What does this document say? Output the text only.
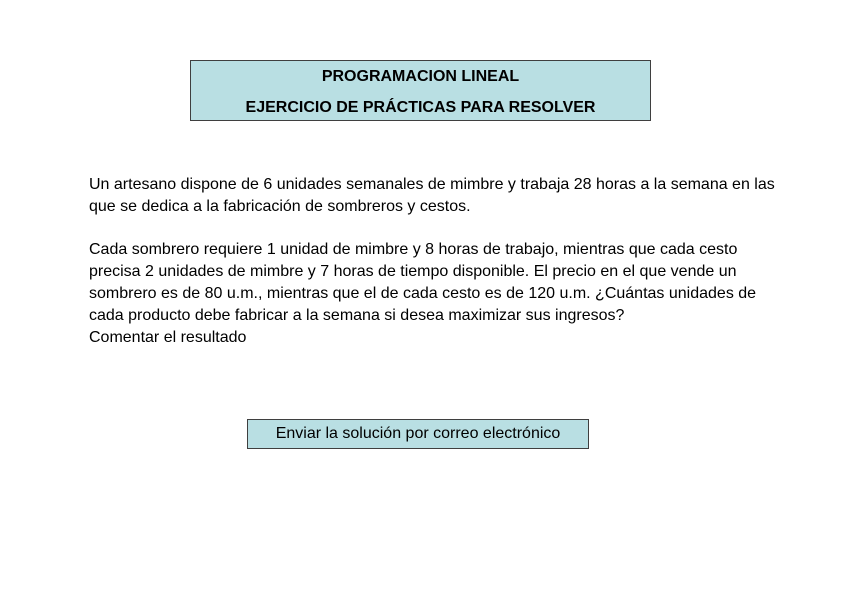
PROGRAMACION LINEAL
EJERCICIO DE PRÁCTICAS PARA RESOLVER

Un artesano dispone de 6 unidades semanales de mimbre y trabaja 28 horas a la semana en las que se dedica a la fabricación de sombreros y cestos.

Cada sombrero requiere 1 unidad de mimbre y 8 horas de trabajo, mientras que cada cesto precisa 2 unidades de mimbre y 7 horas de tiempo disponible. El precio en el que vende un sombrero es de 80 u.m., mientras que el de cada cesto es de 120 u.m. ¿Cuántas unidades de cada producto debe fabricar a la semana si desea maximizar sus ingresos?

Comentar el resultado

Enviar la solución por correo electrónico
